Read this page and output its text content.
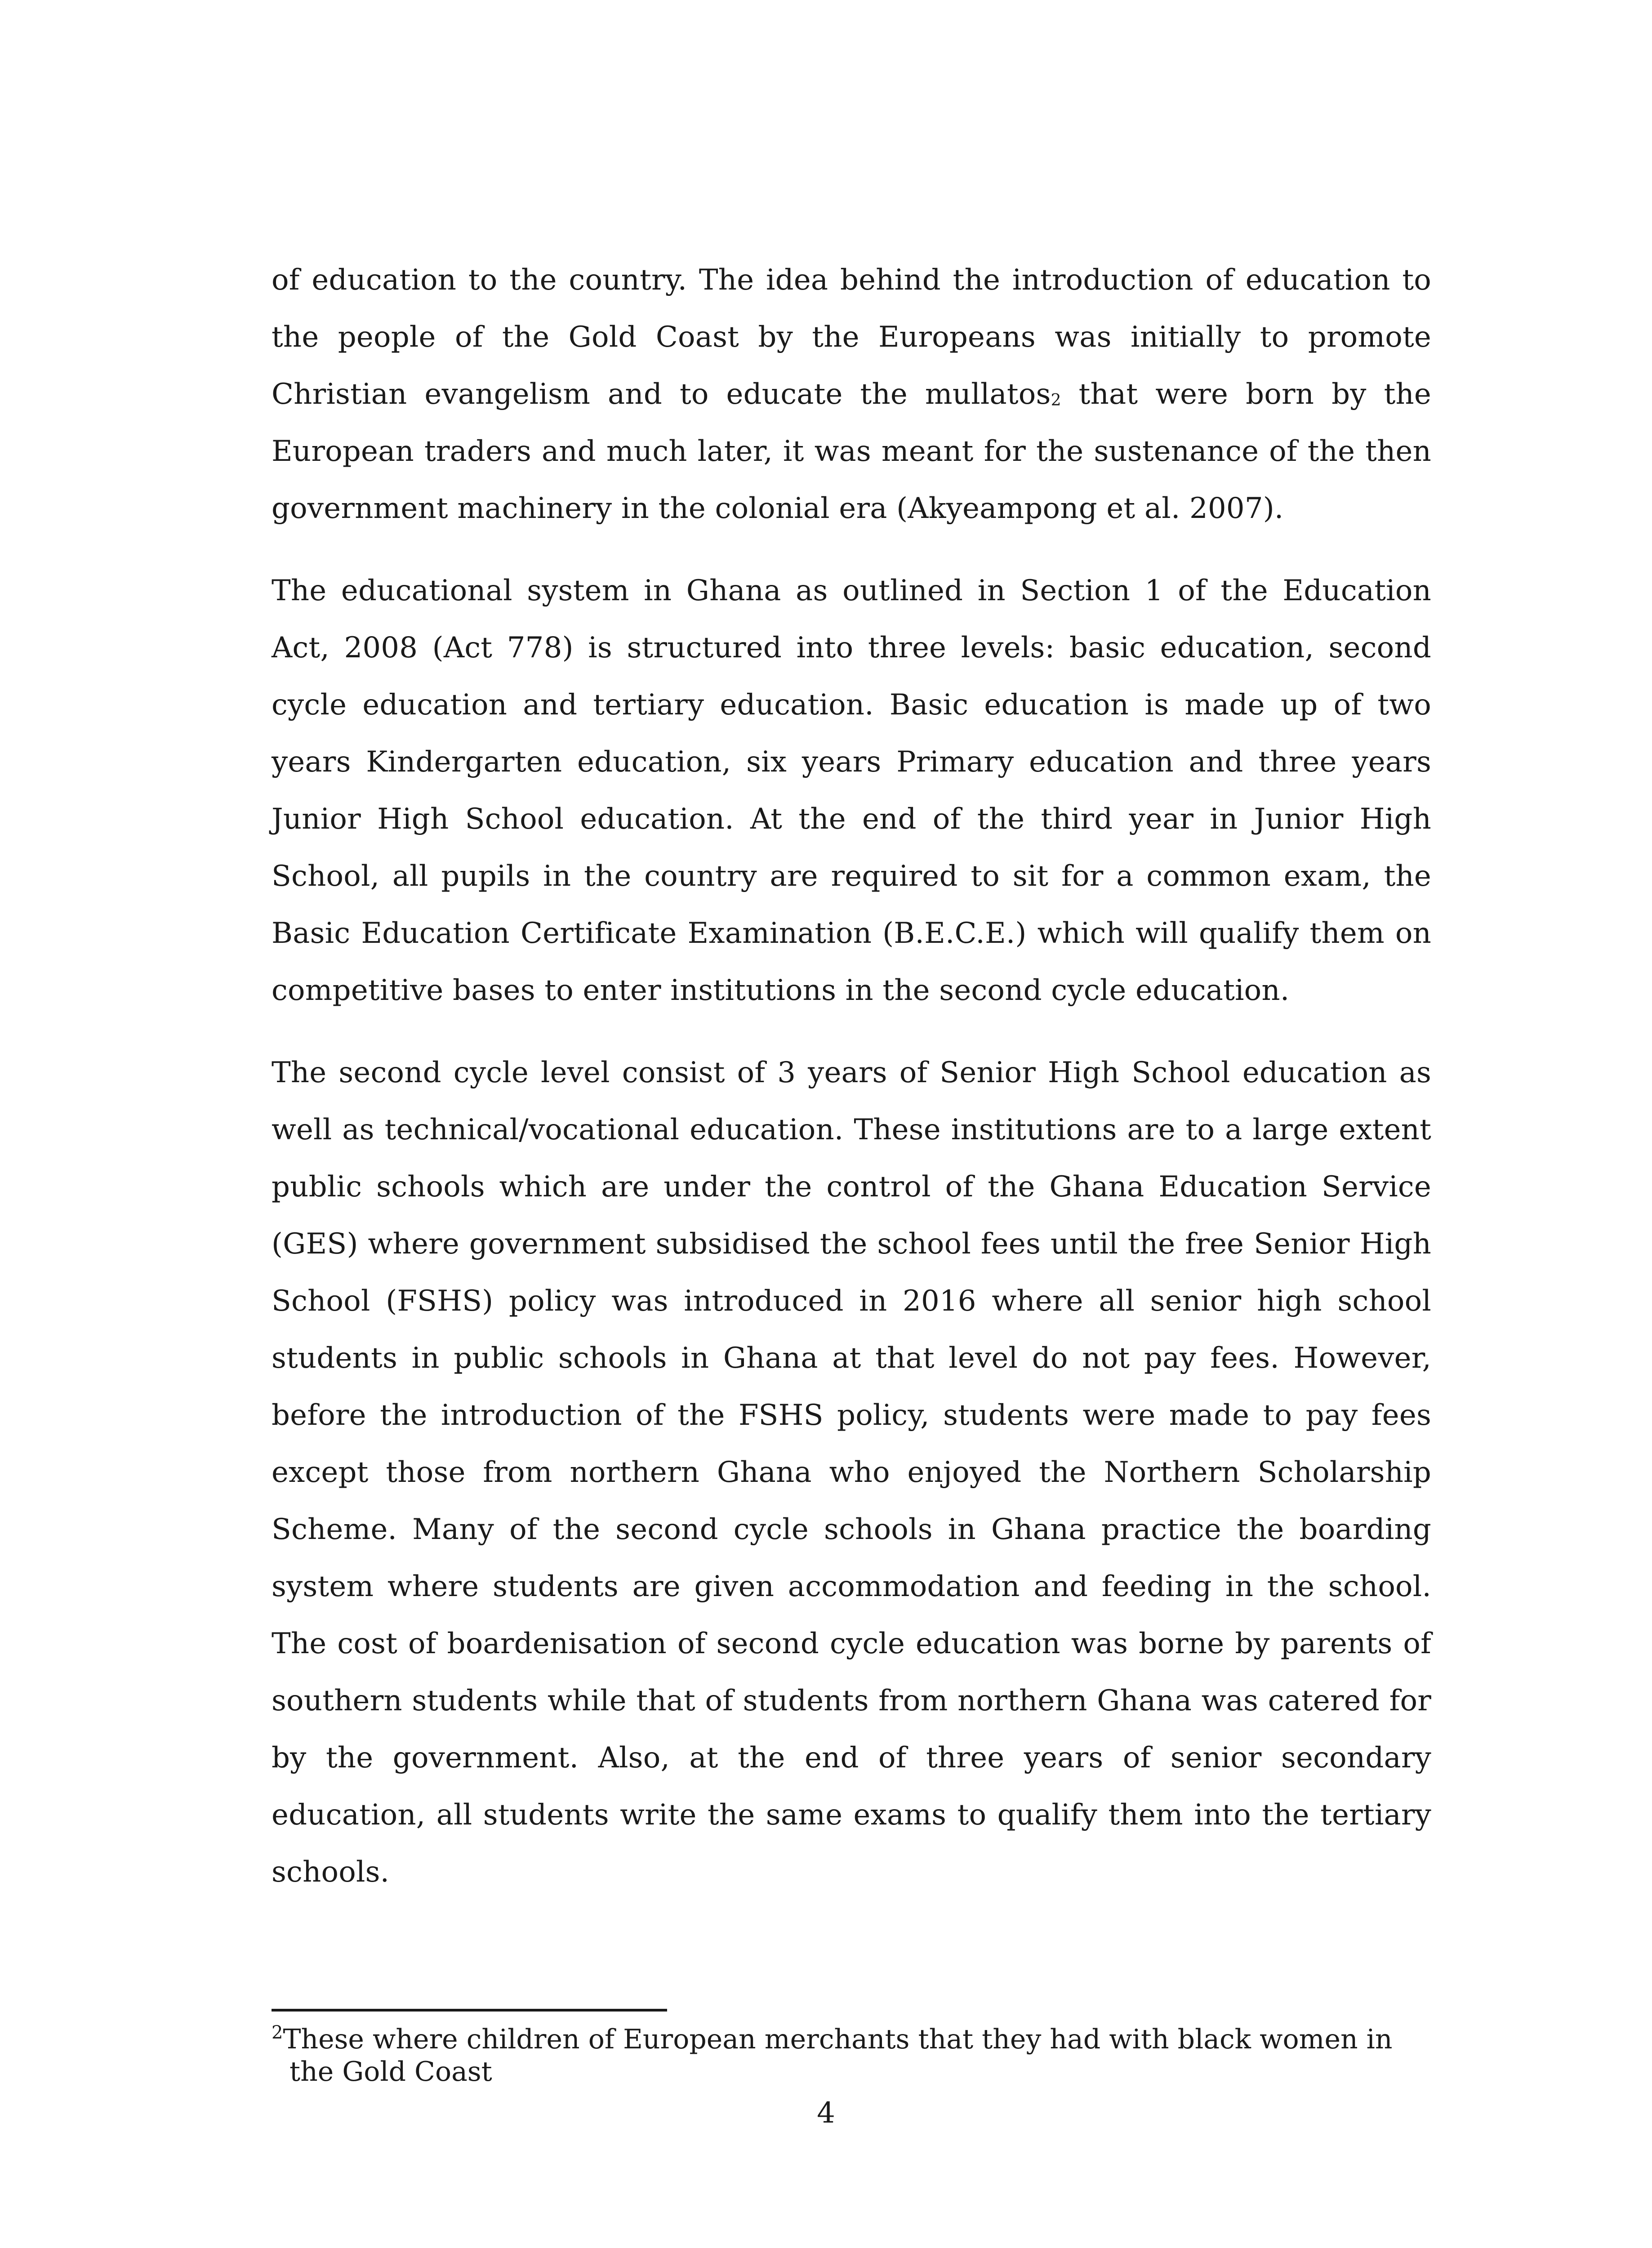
of education to the country. The idea behind the introduction of education to the people of the Gold Coast by the Europeans was initially to promote Christian evangelism and to educate the mullatos2 that were born by the European traders and much later, it was meant for the sustenance of the then government machinery in the colonial era (Akyeampong et al. 2007).

The educational system in Ghana as outlined in Section 1 of the Education Act, 2008 (Act 778) is structured into three levels: basic education, second cycle education and tertiary education. Basic education is made up of two years Kindergarten education, six years Primary education and three years Junior High School education. At the end of the third year in Junior High School, all pupils in the country are required to sit for a common exam, the Basic Education Certificate Examination (B.E.C.E.) which will qualify them on competitive bases to enter institutions in the second cycle education.

The second cycle level consist of 3 years of Senior High School education as well as technical/vocational education. These institutions are to a large extent public schools which are under the control of the Ghana Education Service (GES) where government subsidised the school fees until the free Senior High School (FSHS) policy was introduced in 2016 where all senior high school students in public schools in Ghana at that level do not pay fees. However, before the introduction of the FSHS policy, students were made to pay fees except those from northern Ghana who enjoyed the Northern Scholarship Scheme. Many of the second cycle schools in Ghana practice the boarding system where students are given accommodation and feeding in the school. The cost of boardenisation of second cycle education was borne by parents of southern students while that of students from northern Ghana was catered for by the government. Also, at the end of three years of senior secondary education, all students write the same exams to qualify them into the tertiary schools.

$^2$These where children of European merchants that they had with black women in the Gold Coast
4
